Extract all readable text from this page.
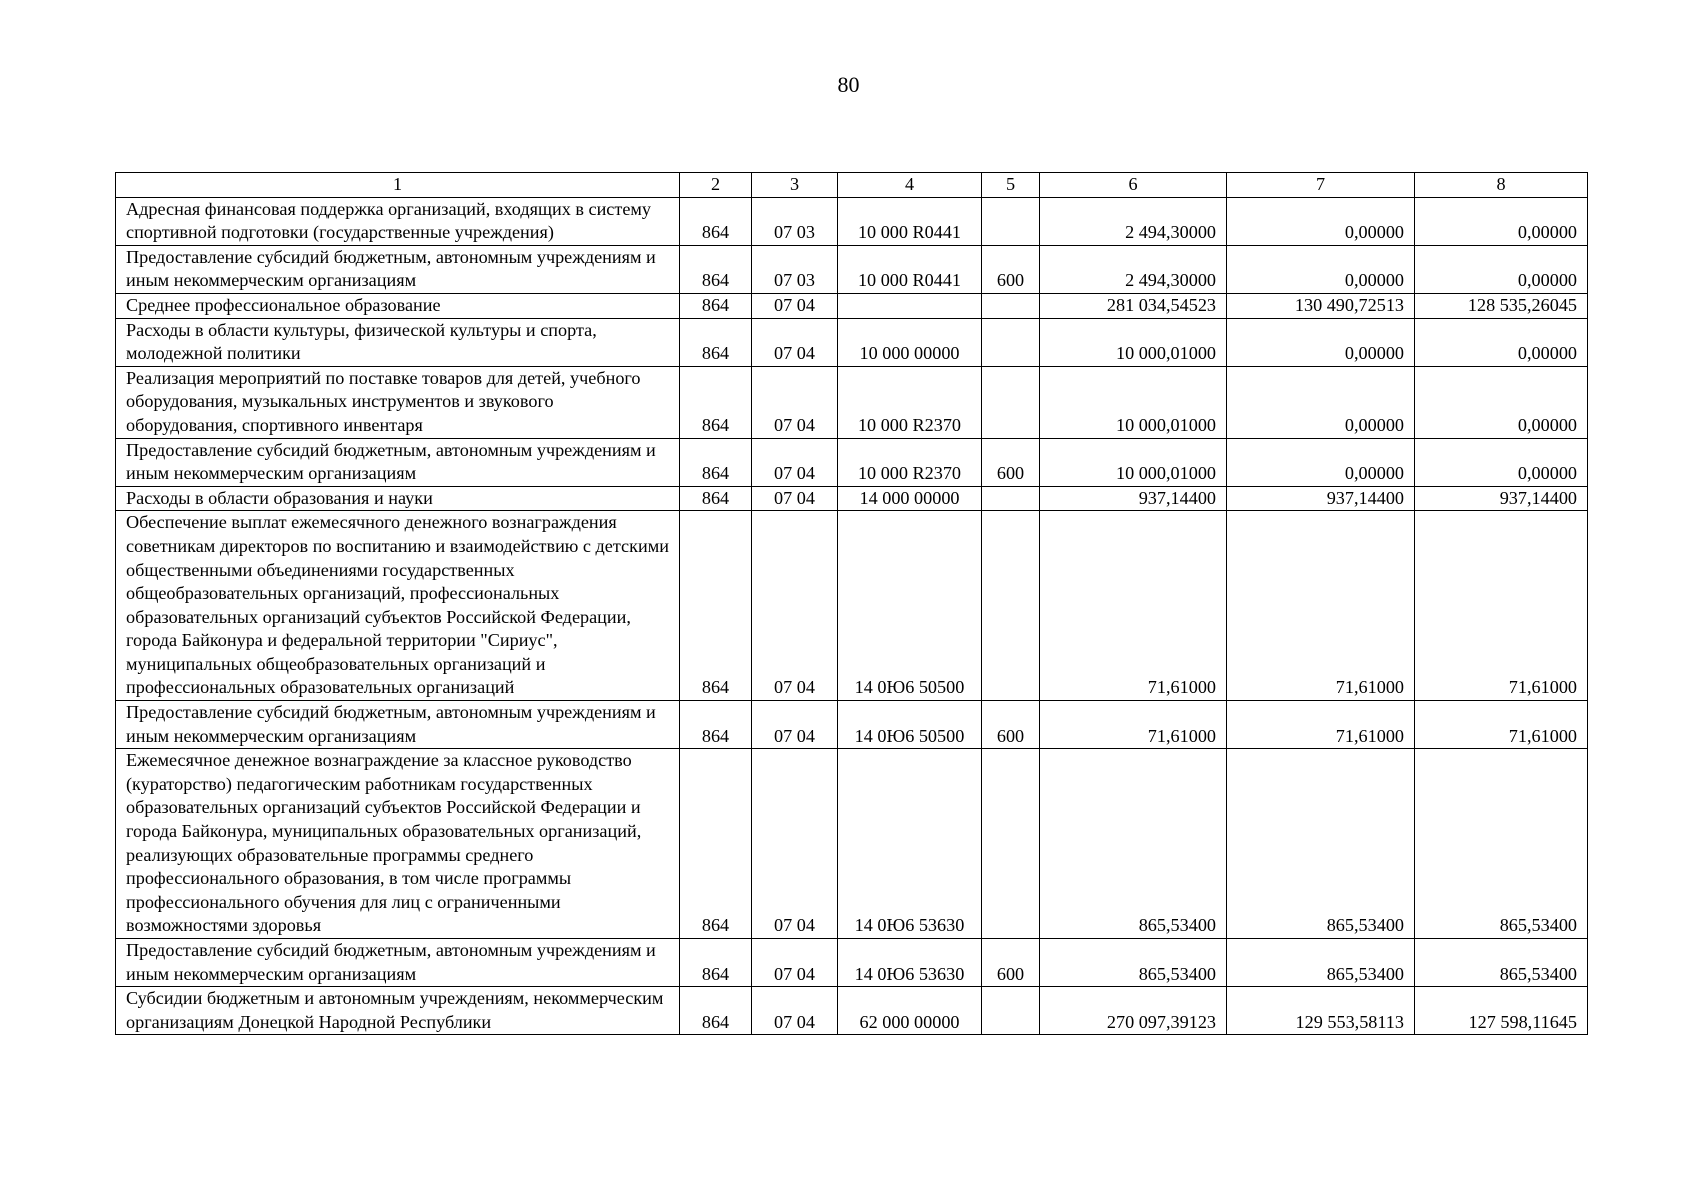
80
1	2	3	4	5	6	7	8
Адресная финансовая поддержка организаций, входящих в систему спортивной подготовки (государственные учреждения)	864	07 03	10 000 R0441		2 494,30000	0,00000	0,00000
Предоставление субсидий бюджетным, автономным учреждениям и иным некоммерческим организациям	864	07 03	10 000 R0441	600	2 494,30000	0,00000	0,00000
Среднее профессиональное образование	864	07 04			281 034,54523	130 490,72513	128 535,26045
Расходы в области культуры, физической культуры и спорта, молодежной политики	864	07 04	10 000 00000		10 000,01000	0,00000	0,00000
Реализация мероприятий по поставке товаров для детей, учебного оборудования, музыкальных инструментов и звукового оборудования, спортивного инвентаря	864	07 04	10 000 R2370		10 000,01000	0,00000	0,00000
Предоставление субсидий бюджетным, автономным учреждениям и иным некоммерческим организациям	864	07 04	10 000 R2370	600	10 000,01000	0,00000	0,00000
Расходы в области образования и науки	864	07 04	14 000 00000		937,14400	937,14400	937,14400
Обеспечение выплат ежемесячного денежного вознаграждения советникам директоров по воспитанию и взаимодействию с детскими общественными объединениями государственных общеобразовательных организаций, профессиональных образовательных организаций субъектов Российской Федерации, города Байконура и федеральной территории "Сириус", муниципальных общеобразовательных организаций и профессиональных образовательных организаций	864	07 04	14 0Ю6 50500		71,61000	71,61000	71,61000
Предоставление субсидий бюджетным, автономным учреждениям и иным некоммерческим организациям	864	07 04	14 0Ю6 50500	600	71,61000	71,61000	71,61000
Ежемесячное денежное вознаграждение за классное руководство (кураторство) педагогическим работникам государственных образовательных организаций субъектов Российской Федерации и города Байконура, муниципальных образовательных организаций, реализующих образовательные программы среднего профессионального образования, в том числе программы профессионального обучения для лиц с ограниченными возможностями здоровья	864	07 04	14 0Ю6 53630		865,53400	865,53400	865,53400
Предоставление субсидий бюджетным, автономным учреждениям и иным некоммерческим организациям	864	07 04	14 0Ю6 53630	600	865,53400	865,53400	865,53400
Субсидии бюджетным и автономным учреждениям, некоммерческим организациям Донецкой Народной Республики	864	07 04	62 000 00000		270 097,39123	129 553,58113	127 598,11645
